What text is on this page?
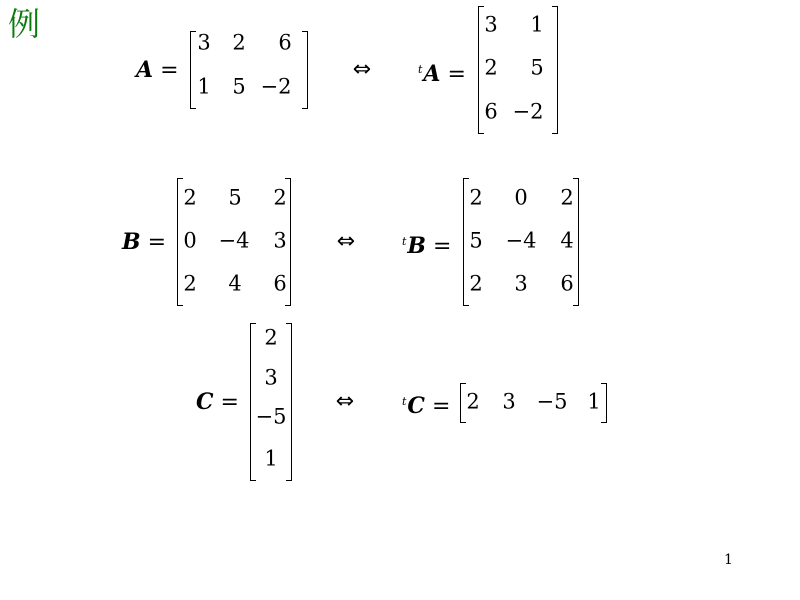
例
A =
3 2 6
1 5 −2
⇔	$^t$A =
3 1
2 5
6 −2
B =
2 5 2
0 −4 3
2 4 6
⇔	$^t$B =
2 0 2
5 −4 4
2 3 6
C =
2
3
−5
1
⇔	$^t$C = 2 3 −5 1
1
